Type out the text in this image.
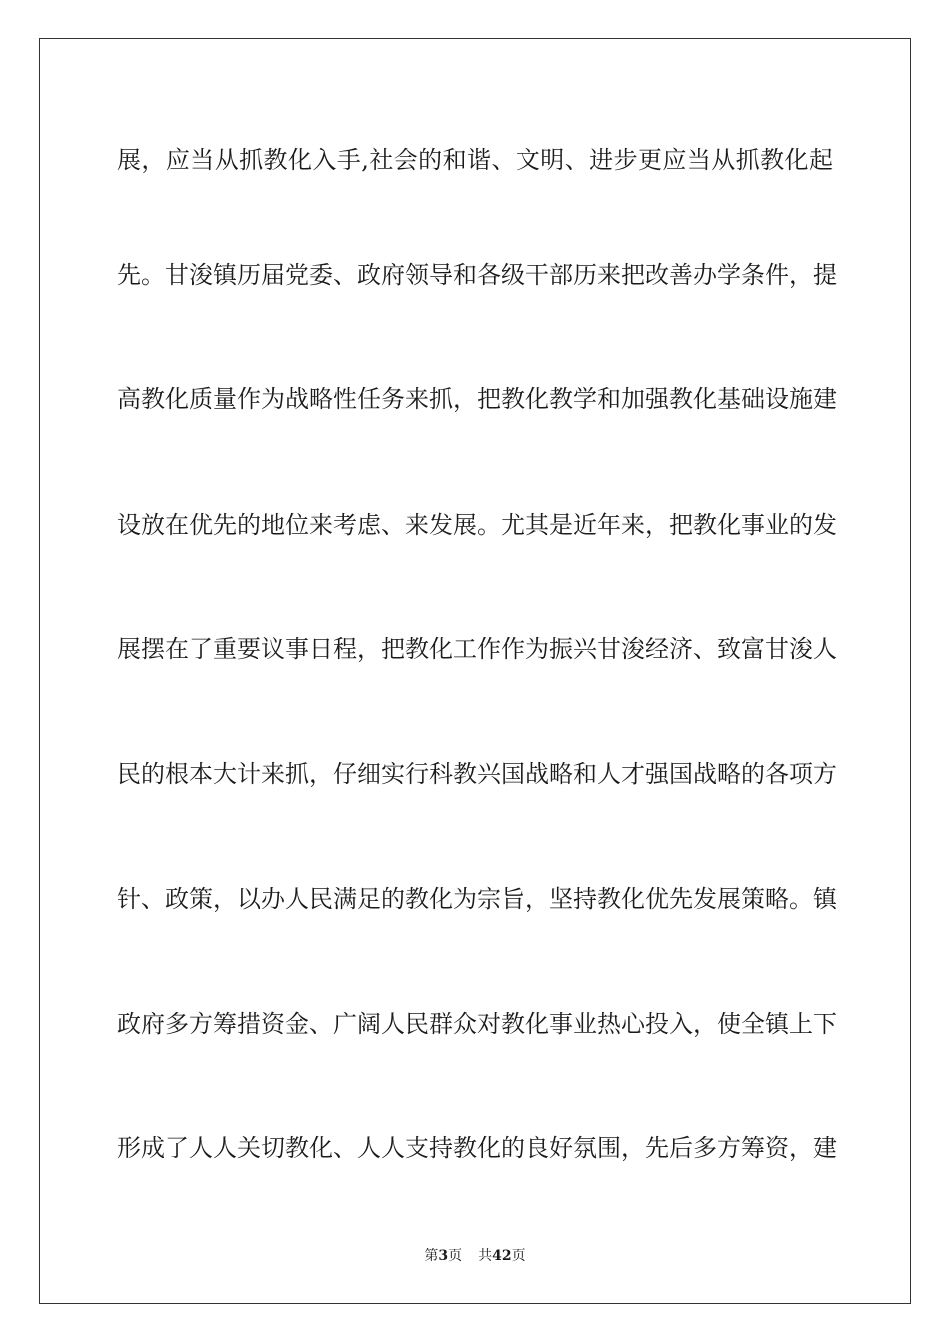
展，应当从抓教化入手,社会的和谐、文明、进步更应当从抓教化起
先。甘浚镇历届党委、政府领导和各级干部历来把改善办学条件，提
高教化质量作为战略性任务来抓，把教化教学和加强教化基础设施建
设放在优先的地位来考虑、来发展。尤其是近年来，把教化事业的发
展摆在了重要议事日程，把教化工作作为振兴甘浚经济、致富甘浚人
民的根本大计来抓，仔细实行科教兴国战略和人才强国战略的各项方
针、政策，以办人民满足的教化为宗旨，坚持教化优先发展策略。镇
政府多方筹措资金、广阔人民群众对教化事业热心投入，使全镇上下
形成了人人关切教化、人人支持教化的良好氛围，先后多方筹资，建
第3页 共42页
